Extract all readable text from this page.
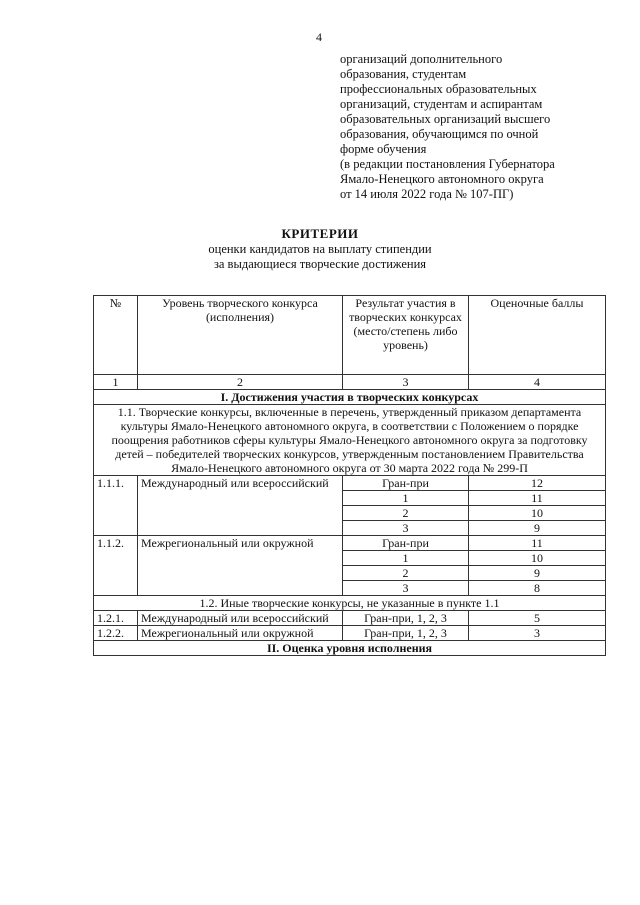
4
организаций дополнительного
образования, студентам
профессиональных образовательных
организаций, студентам и аспирантам
образовательных организаций высшего
образования, обучающимся по очной
форме обучения
(в редакции постановления Губернатора
Ямало-Ненецкого автономного округа
от 14 июля 2022 года № 107-ПГ)
КРИТЕРИИ
оценки кандидатов на выплату стипендии
за выдающиеся творческие достижения
№	Уровень творческого конкурса (исполнения)	Результат участия в творческих конкурсах (место/степень либо уровень)	Оценочные баллы
1	2	3	4
I. Достижения участия в творческих конкурсах			
1.1. Творческие конкурсы, включенные в перечень, утвержденный приказом департамента культуры Ямало-Ненецкого автономного округа, в соответствии с Положением о порядке поощрения работников сферы культуры Ямало-Ненецкого автономного округа за подготовку детей – победителей творческих конкурсов, утвержденным постановлением Правительства Ямало-Ненецкого автономного округа от 30 марта 2022 года № 299-П			
1.1.1.	Международный или всероссийский	Гран-при	12
		1	11
		2	10
		3	9
1.1.2.	Межрегиональный или окружной	Гран-при	11
		1	10
		2	9
		3	8
1.2. Иные творческие конкурсы, не указанные в пункте 1.1			
1.2.1.	Международный или всероссийский	Гран-при, 1, 2, 3	5
1.2.2.	Межрегиональный или окружной	Гран-при, 1, 2, 3	3
II. Оценка уровня исполнения			
